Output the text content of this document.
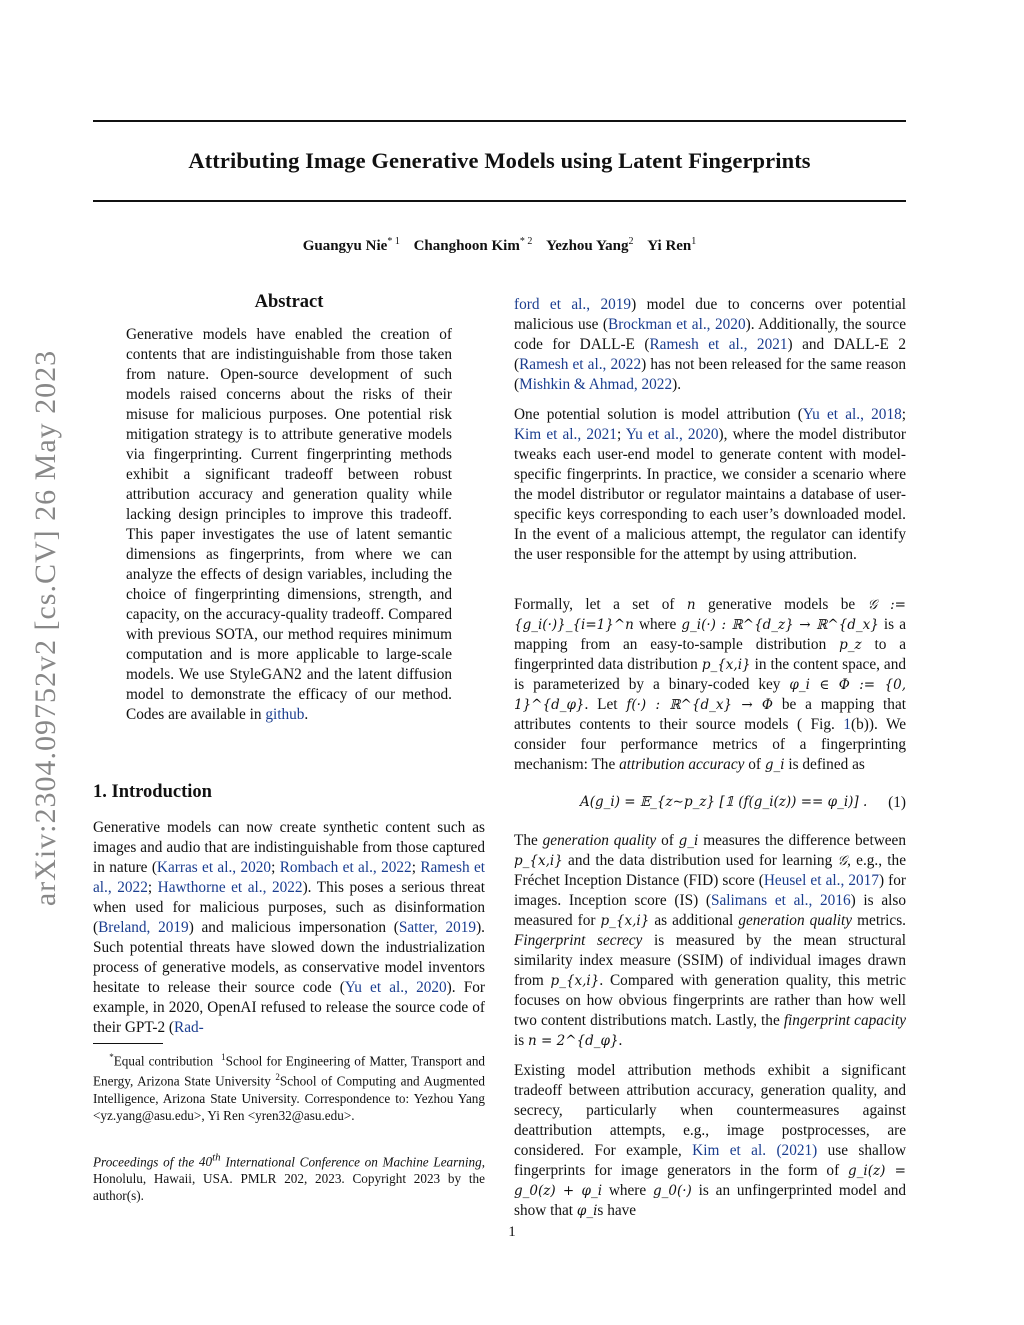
Attributing Image Generative Models using Latent Fingerprints
Guangyu Nie$^{* 1}$ Changhoon Kim$^{* 2}$ Yezhou Yang$^2$ Yi Ren$^1$
arXiv:2304.09752v2 [cs.CV] 26 May 2023
Abstract
Generative models have enabled the creation of contents that are indistinguishable from those taken from nature. Open-source development of such models raised concerns about the risks of their misuse for malicious purposes. One potential risk mitigation strategy is to attribute generative models via fingerprinting. Current fingerprinting methods exhibit a significant tradeoff between robust attribution accuracy and generation quality while lacking design principles to improve this tradeoff. This paper investigates the use of latent semantic dimensions as fingerprints, from where we can analyze the effects of design variables, including the choice of fingerprinting dimensions, strength, and capacity, on the accuracy-quality tradeoff. Compared with previous SOTA, our method requires minimum computation and is more applicable to large-scale models. We use StyleGAN2 and the latent diffusion model to demonstrate the efficacy of our method. Codes are available in github.
1. Introduction

Generative models can now create synthetic content such as images and audio that are indistinguishable from those captured in nature (Karras et al., 2020; Rombach et al., 2022; Ramesh et al., 2022; Hawthorne et al., 2022). This poses a serious threat when used for malicious purposes, such as disinformation (Breland, 2019) and malicious impersonation (Satter, 2019). Such potential threats have slowed down the industrialization process of generative models, as conservative model inventors hesitate to release their source code (Yu et al., 2020). For example, in 2020, OpenAI refused to release the source code of their GPT-2 (Rad-

*Equal contribution $^1$School for Engineering of Matter, Transport and Energy, Arizona State University $^2$School of Computing and Augmented Intelligence, Arizona State University. Correspondence to: Yezhou Yang <yz.yang@asu.edu>, Yi Ren <yren32@asu.edu>.
Proceedings of the 40th International Conference on Machine Learning, Honolulu, Hawaii, USA. PMLR 202, 2023. Copyright 2023 by the author(s).

ford et al., 2019) model due to concerns over potential malicious use (Brockman et al., 2020). Additionally, the source code for DALL-E (Ramesh et al., 2021) and DALL-E 2 (Ramesh et al., 2022) has not been released for the same reason (Mishkin & Ahmad, 2022).

One potential solution is model attribution (Yu et al., 2018; Kim et al., 2021; Yu et al., 2020), where the model distributor tweaks each user-end model to generate content with model-specific fingerprints. In practice, we consider a scenario where the model distributor or regulator maintains a database of user-specific keys corresponding to each user’s downloaded model. In the event of a malicious attempt, the regulator can identify the user responsible for the attempt by using attribution.

Formally, let a set of n generative models be 𝒢 := {g_i(·)}_{i=1}^n where g_i(·) : ℝ^{d_z} → ℝ^{d_x} is a mapping from an easy-to-sample distribution p_z to a fingerprinted data distribution p_{x,i} in the content space, and is parameterized by a binary-coded key φ_i ∈ Φ := {0, 1}^{d_φ}. Let f(·) : ℝ^{d_x} → Φ be a mapping that attributes contents to their source models ( Fig. 1(b)). We consider four performance metrics of a fingerprinting mechanism: The attribution accuracy of g_i is defined as

A(g_i) = 𝔼_{z∼p_z} [𝟙 (f(g_i(z)) == φ_i)] . (1)

The generation quality of g_i measures the difference between p_{x,i} and the data distribution used for learning 𝒢, e.g., the Fréchet Inception Distance (FID) score (Heusel et al., 2017) for images. Inception score (IS) (Salimans et al., 2016) is also measured for p_{x,i} as additional generation quality metrics. Fingerprint secrecy is measured by the mean structural similarity index measure (SSIM) of individual images drawn from p_{x,i}. Compared with generation quality, this metric focuses on how obvious fingerprints are rather than how well two content distributions match. Lastly, the fingerprint capacity is n = 2^{d_φ}.

Existing model attribution methods exhibit a significant tradeoff between attribution accuracy, generation quality, and secrecy, particularly when countermeasures against deattribution attempts, e.g., image postprocesses, are considered. For example, Kim et al. (2021) use shallow fingerprints for image generators in the form of g_i(z) = g_0(z) + φ_i where g_0(·) is an unfingerprinted model and show that φ_is have

1
